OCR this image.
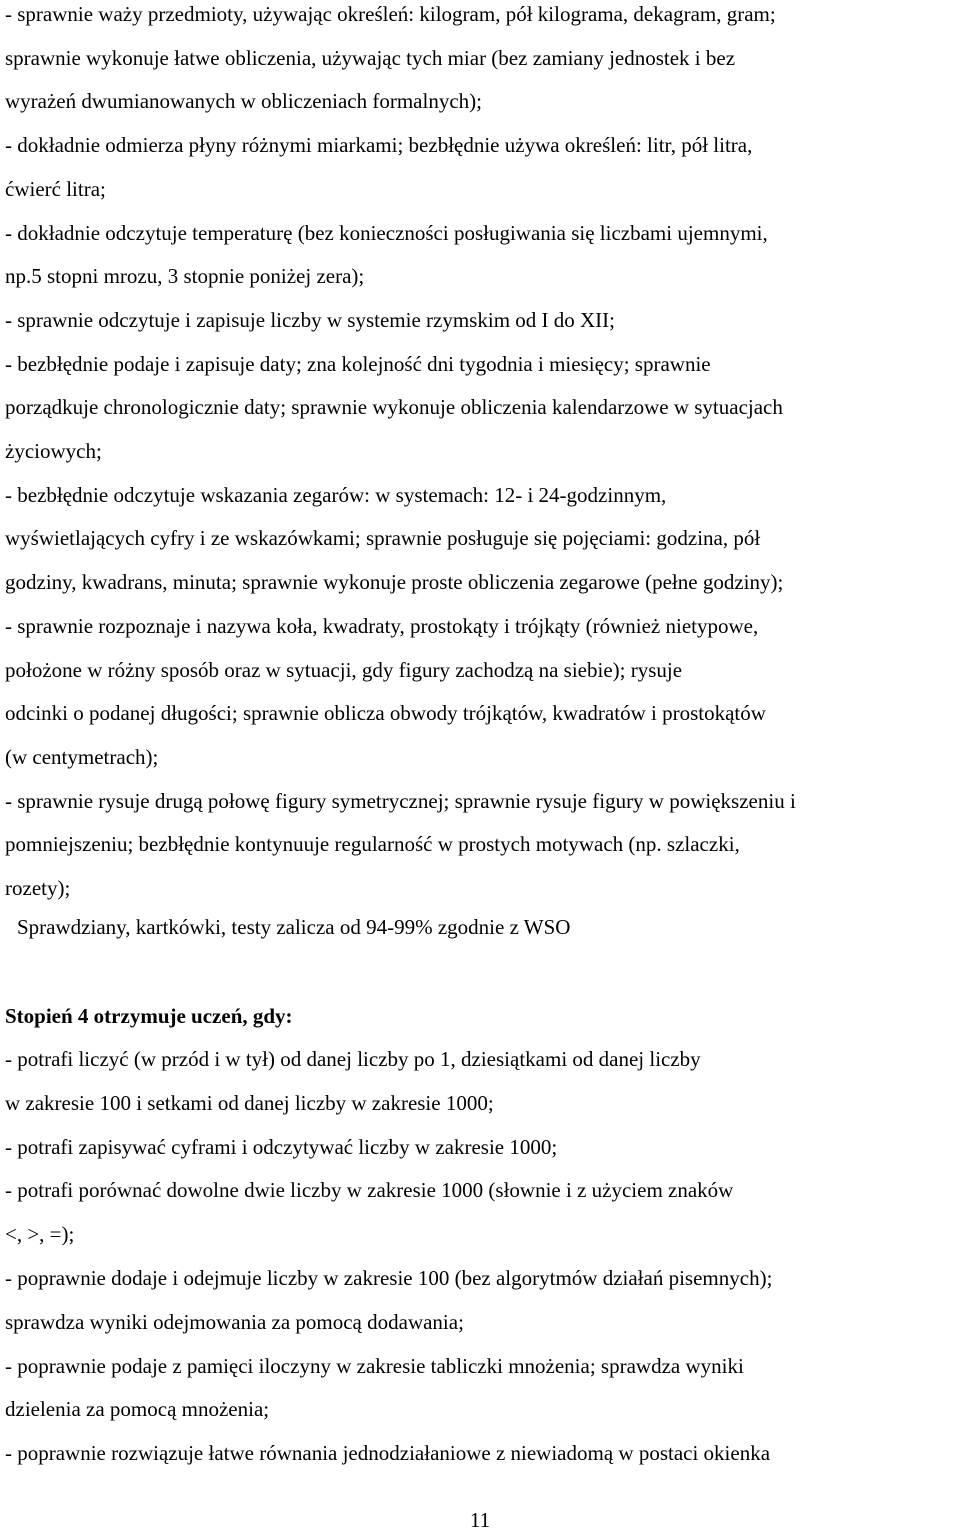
- sprawnie waży przedmioty, używając określeń: kilogram, pół kilograma, dekagram, gram;
sprawnie wykonuje łatwe obliczenia, używając tych miar (bez zamiany jednostek i bez
wyrażeń dwumianowanych w obliczeniach formalnych);
- dokładnie odmierza płyny różnymi miarkami; bezbłędnie używa określeń: litr, pół litra,
ćwierć litra;
- dokładnie odczytuje temperaturę (bez konieczności posługiwania się liczbami ujemnymi,
np.5 stopni mrozu, 3 stopnie poniżej zera);
- sprawnie odczytuje i zapisuje liczby w systemie rzymskim od I do XII;
- bezbłędnie podaje i zapisuje daty; zna kolejność dni tygodnia i miesięcy; sprawnie
porządkuje chronologicznie daty; sprawnie wykonuje obliczenia kalendarzowe w sytuacjach
życiowych;
- bezbłędnie odczytuje wskazania zegarów: w systemach: 12- i 24-godzinnym,
wyświetlających cyfry i ze wskazówkami; sprawnie posługuje się pojęciami: godzina, pół
godziny, kwadrans, minuta; sprawnie wykonuje proste obliczenia zegarowe (pełne godziny);
- sprawnie rozpoznaje i nazywa koła, kwadraty, prostokąty i trójkąty (również nietypowe,
położone w różny sposób oraz w sytuacji, gdy figury zachodzą na siebie); rysuje
odcinki o podanej długości; sprawnie oblicza obwody trójkątów, kwadratów i prostokątów
(w centymetrach);
- sprawnie rysuje drugą połowę figury symetrycznej; sprawnie rysuje figury w powiększeniu i
pomniejszeniu; bezbłędnie kontynuuje regularność w prostych motywach (np. szlaczki,
rozety);
Sprawdziany, kartkówki, testy zalicza od 94-99% zgodnie z WSO
Stopień 4 otrzymuje uczeń, gdy:
- potrafi liczyć (w przód i w tył) od danej liczby po 1, dziesiątkami od danej liczby
w zakresie 100 i setkami od danej liczby w zakresie 1000;
- potrafi zapisywać cyframi i odczytywać liczby w zakresie 1000;
- potrafi porównać dowolne dwie liczby w zakresie 1000 (słownie i z użyciem znaków
<, >, =);
- poprawnie dodaje i odejmuje liczby w zakresie 100 (bez algorytmów działań pisemnych);
sprawdza wyniki odejmowania za pomocą dodawania;
- poprawnie podaje z pamięci iloczyny w zakresie tabliczki mnożenia; sprawdza wyniki
dzielenia za pomocą mnożenia;
- poprawnie rozwiązuje łatwe równania jednodziałaniowe z niewiadomą w postaci okienka
11
